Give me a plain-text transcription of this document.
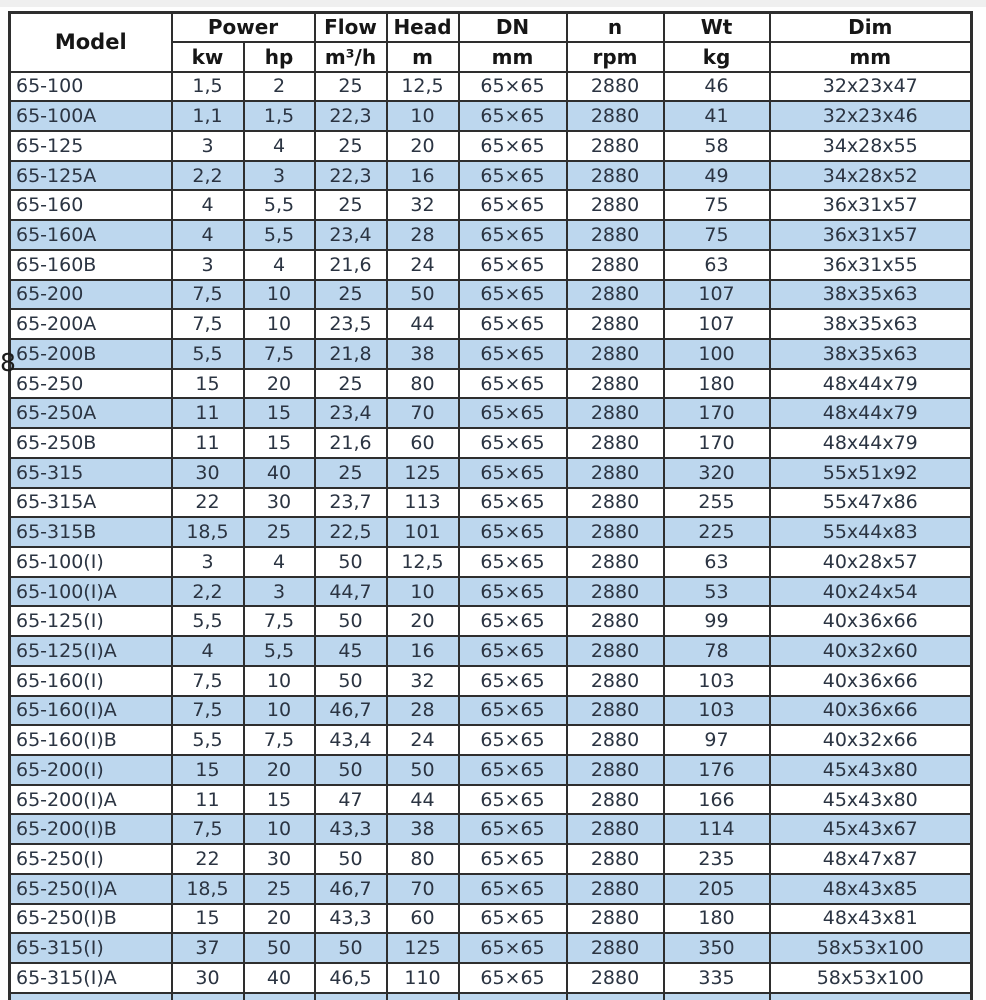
8
Model	Power		Flow	Head	DN	n	Wt	Dim
	kw	hp	m³/h	m	mm	rpm	kg	mm
65-100	1,5	2	25	12,5	65×65	2880	46	32x23x47
65-100A	1,1	1,5	22,3	10	65×65	2880	41	32x23x46
65-125	3	4	25	20	65×65	2880	58	34x28x55
65-125A	2,2	3	22,3	16	65×65	2880	49	34x28x52
65-160	4	5,5	25	32	65×65	2880	75	36x31x57
65-160A	4	5,5	23,4	28	65×65	2880	75	36x31x57
65-160B	3	4	21,6	24	65×65	2880	63	36x31x55
65-200	7,5	10	25	50	65×65	2880	107	38x35x63
65-200A	7,5	10	23,5	44	65×65	2880	107	38x35x63
65-200B	5,5	7,5	21,8	38	65×65	2880	100	38x35x63
65-250	15	20	25	80	65×65	2880	180	48x44x79
65-250A	11	15	23,4	70	65×65	2880	170	48x44x79
65-250B	11	15	21,6	60	65×65	2880	170	48x44x79
65-315	30	40	25	125	65×65	2880	320	55x51x92
65-315A	22	30	23,7	113	65×65	2880	255	55x47x86
65-315B	18,5	25	22,5	101	65×65	2880	225	55x44x83
65-100(I)	3	4	50	12,5	65×65	2880	63	40x28x57
65-100(I)A	2,2	3	44,7	10	65×65	2880	53	40x24x54
65-125(I)	5,5	7,5	50	20	65×65	2880	99	40x36x66
65-125(I)A	4	5,5	45	16	65×65	2880	78	40x32x60
65-160(I)	7,5	10	50	32	65×65	2880	103	40x36x66
65-160(I)A	7,5	10	46,7	28	65×65	2880	103	40x36x66
65-160(I)B	5,5	7,5	43,4	24	65×65	2880	97	40x32x66
65-200(I)	15	20	50	50	65×65	2880	176	45x43x80
65-200(I)A	11	15	47	44	65×65	2880	166	45x43x80
65-200(I)B	7,5	10	43,3	38	65×65	2880	114	45x43x67
65-250(I)	22	30	50	80	65×65	2880	235	48x47x87
65-250(I)A	18,5	25	46,7	70	65×65	2880	205	48x43x85
65-250(I)B	15	20	43,3	60	65×65	2880	180	48x43x81
65-315(I)	37	50	50	125	65×65	2880	350	58x53x100
65-315(I)A	30	40	46,5	110	65×65	2880	335	58x53x100
